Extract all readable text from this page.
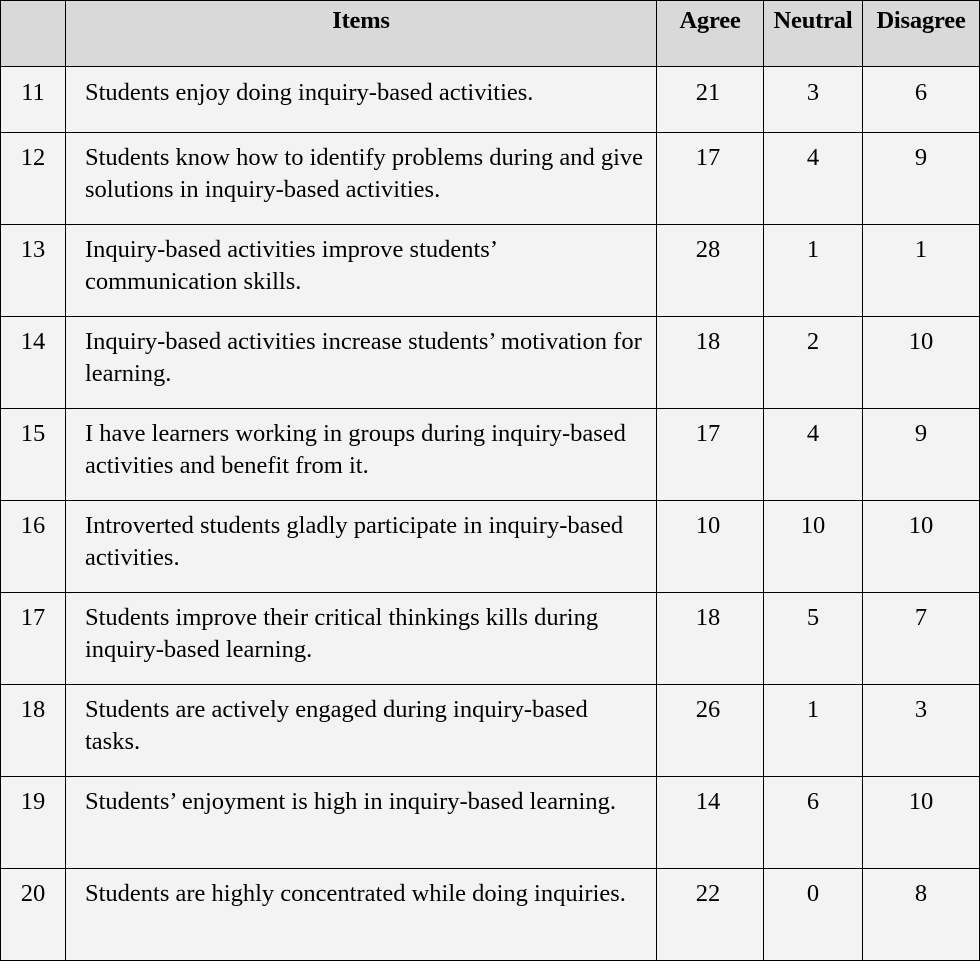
	Items	Agree	Neutral	Disagree
11	Students enjoy doing inquiry-based activities.	21	3	6
12	Students know how to identify problems during and give solutions in inquiry-based activities.	17	4	9
13	Inquiry-based activities improve students’ communication skills.	28	1	1
14	Inquiry-based activities increase students’ motivation for learning.	18	2	10
15	I have learners working in groups during inquiry-based activities and benefit from it.	17	4	9
16	Introverted students gladly participate in inquiry-based activities.	10	10	10
17	Students improve their critical thinkings kills during inquiry-based learning.	18	5	7
18	Students are actively engaged during inquiry-based tasks.	26	1	3
19	Students’ enjoyment is high in inquiry-based learning.	14	6	10
20	Students are highly concentrated while doing inquiries.	22	0	8
